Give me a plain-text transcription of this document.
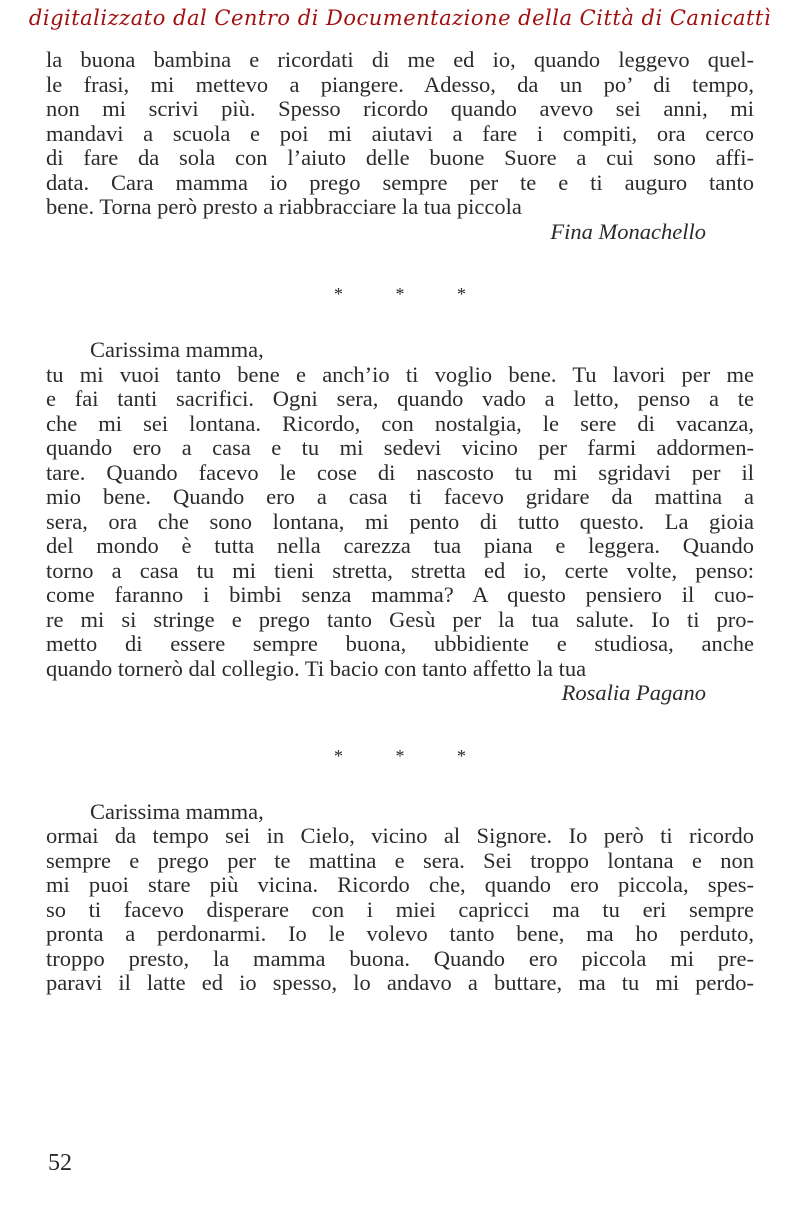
digitalizzato dal Centro di Documentazione della Città di Canicattì
la buona bambina e ricordati di me ed io, quando leggevo quel-
le frasi, mi mettevo a piangere. Adesso, da un po’ di tempo,
non mi scrivi più. Spesso ricordo quando avevo sei anni, mi
mandavi a scuola e poi mi aiutavi a fare i compiti, ora cerco
di fare da sola con l’aiuto delle buone Suore a cui sono affi-
data. Cara mamma io prego sempre per te e ti auguro tanto
bene. Torna però presto a riabbracciare la tua piccola
Fina Monachello
* * *
Carissima mamma,
tu mi vuoi tanto bene e anch’io ti voglio bene. Tu lavori per me
e fai tanti sacrifici. Ogni sera, quando vado a letto, penso a te
che mi sei lontana. Ricordo, con nostalgia, le sere di vacanza,
quando ero a casa e tu mi sedevi vicino per farmi addormen-
tare. Quando facevo le cose di nascosto tu mi sgridavi per il
mio bene. Quando ero a casa ti facevo gridare da mattina a
sera, ora che sono lontana, mi pento di tutto questo. La gioia
del mondo è tutta nella carezza tua piana e leggera. Quando
torno a casa tu mi tieni stretta, stretta ed io, certe volte, penso:
come faranno i bimbi senza mamma? A questo pensiero il cuo-
re mi si stringe e prego tanto Gesù per la tua salute. Io ti pro-
metto di essere sempre buona, ubbidiente e studiosa, anche
quando tornerò dal collegio. Ti bacio con tanto affetto la tua
Rosalia Pagano
* * *
Carissima mamma,
ormai da tempo sei in Cielo, vicino al Signore. Io però ti ricordo
sempre e prego per te mattina e sera. Sei troppo lontana e non
mi puoi stare più vicina. Ricordo che, quando ero piccola, spes-
so ti facevo disperare con i miei capricci ma tu eri sempre
pronta a perdonarmi. Io le volevo tanto bene, ma ho perduto,
troppo presto, la mamma buona. Quando ero piccola mi pre-
paravi il latte ed io spesso, lo andavo a buttare, ma tu mi perdo-
52
